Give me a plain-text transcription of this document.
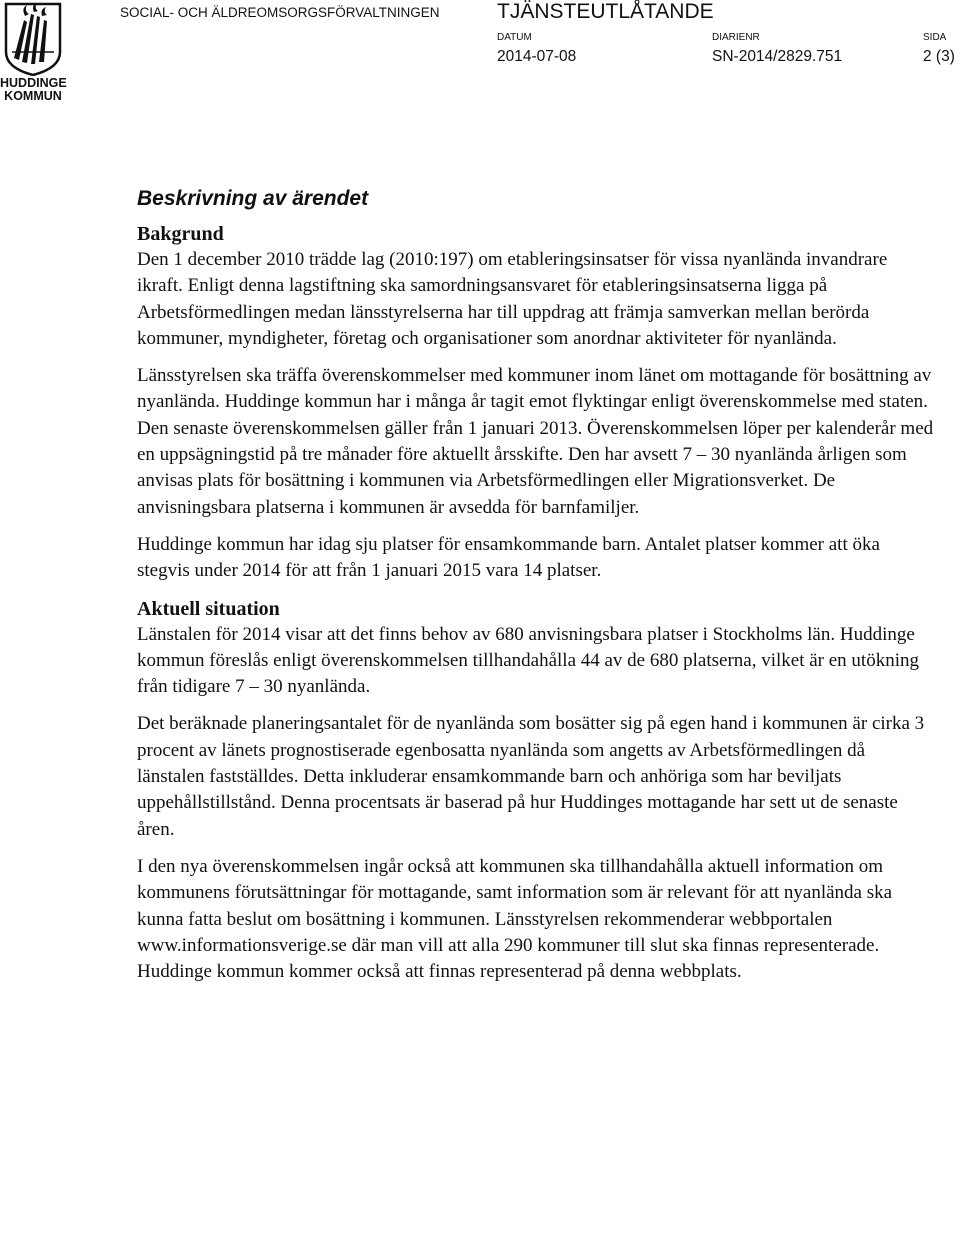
HUDDINGE
KOMMUN
SOCIAL- OCH ÄLDREOMSORGSFÖRVALTNINGEN	TJÄNSTEUTLÅTANDE
DATUM
2014-07-08
DIARIENR
SN-2014/2829.751
SIDA
2 (3)
Beskrivning av ärendet
Bakgrund

Den 1 december 2010 trädde lag (2010:197) om etableringsinsatser för vissa nyanlända invandrare ikraft. Enligt denna lagstiftning ska samordningsansvaret för etableringsinsatserna ligga på Arbetsförmedlingen medan länsstyrelserna har till uppdrag att främja samverkan mellan berörda kommuner, myndigheter, företag och organisationer som anordnar aktiviteter för nyanlända.

Länsstyrelsen ska träffa överenskommelser med kommuner inom länet om mottagande för bosättning av nyanlända. Huddinge kommun har i många år tagit emot flyktingar enligt överenskommelse med staten. Den senaste överenskommelsen gäller från 1 januari 2013. Överenskommelsen löper per kalenderår med en uppsägningstid på tre månader före aktuellt årsskifte. Den har avsett 7 – 30 nyanlända årligen som anvisas plats för bosättning i kommunen via Arbetsförmedlingen eller Migrationsverket. De anvisningsbara platserna i kommunen är avsedda för barnfamiljer.

Huddinge kommun har idag sju platser för ensamkommande barn. Antalet platser kommer att öka stegvis under 2014 för att från 1 januari 2015 vara 14 platser.

Aktuell situation

Länstalen för 2014 visar att det finns behov av 680 anvisningsbara platser i Stockholms län. Huddinge kommun föreslås enligt överenskommelsen tillhandahålla 44 av de 680 platserna, vilket är en utökning från tidigare 7 – 30 nyanlända.

Det beräknade planeringsantalet för de nyanlända som bosätter sig på egen hand i kommunen är cirka 3 procent av länets prognostiserade egenbosatta nyanlända som angetts av Arbetsförmedlingen då länstalen fastställdes. Detta inkluderar ensamkommande barn och anhöriga som har beviljats uppehållstillstånd. Denna procentsats är baserad på hur Huddinges mottagande har sett ut de senaste åren.

I den nya överenskommelsen ingår också att kommunen ska tillhandahålla aktuell information om kommunens förutsättningar för mottagande, samt information som är relevant för att nyanlända ska kunna fatta beslut om bosättning i kommunen. Länsstyrelsen rekommenderar webbportalen www.informationsverige.se där man vill att alla 290 kommuner till slut ska finnas representerade. Huddinge kommun kommer också att finnas representerad på denna webbplats.
